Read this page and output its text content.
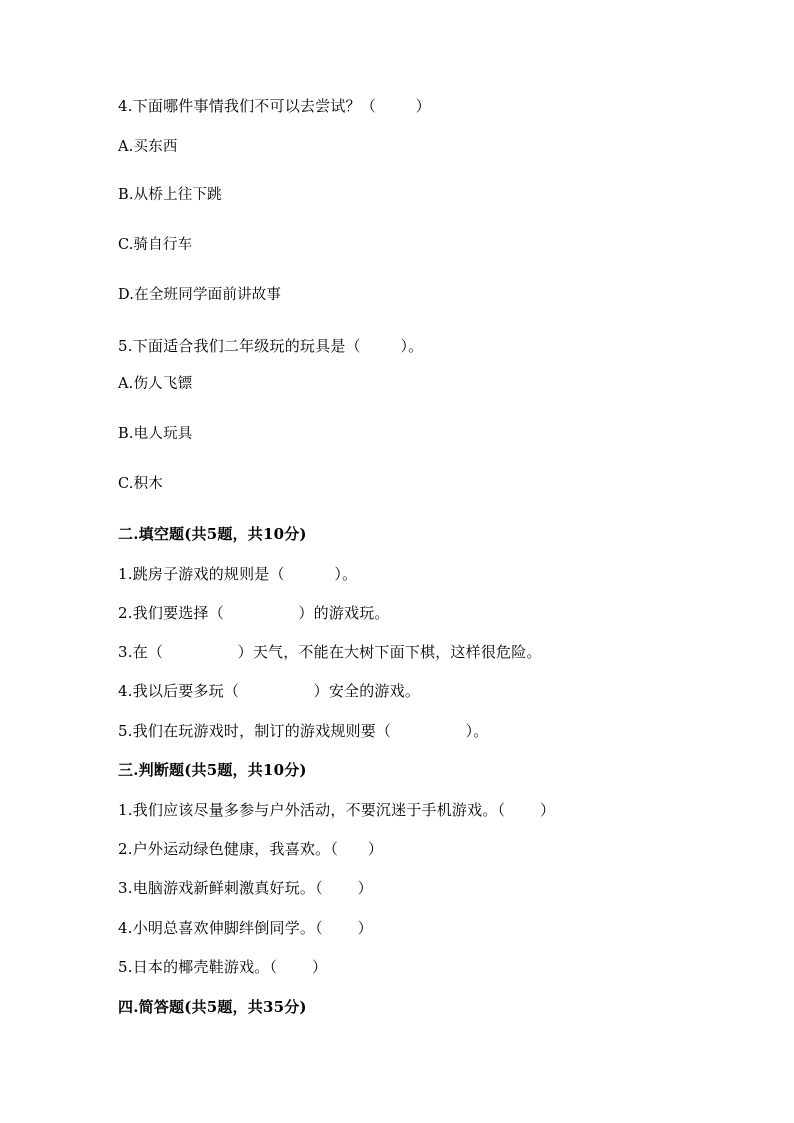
4.下面哪件事情我们不可以去尝试？（        ）
A.买东西
B.从桥上往下跳
C.骑自行车
D.在全班同学面前讲故事
5.下面适合我们二年级玩的玩具是（        ）。
A.伤人飞镖
B.电人玩具
C.积木
二.填空题(共5题，共10分)
1.跳房子游戏的规则是（          ）。
2.我们要选择（               ）的游戏玩。
3.在（               ）天气，不能在大树下面下棋，这样很危险。
4.我以后要多玩（               ）安全的游戏。
5.我们在玩游戏时，制订的游戏规则要（               ）。
三.判断题(共5题，共10分)
1.我们应该尽量多参与户外活动，不要沉迷于手机游戏。（       ）
2.户外运动绿色健康，我喜欢。（      ）
3.电脑游戏新鲜刺激真好玩。（       ）
4.小明总喜欢伸脚绊倒同学。（       ）
5.日本的椰壳鞋游戏。（       ）
四.简答题(共5题，共35分)
